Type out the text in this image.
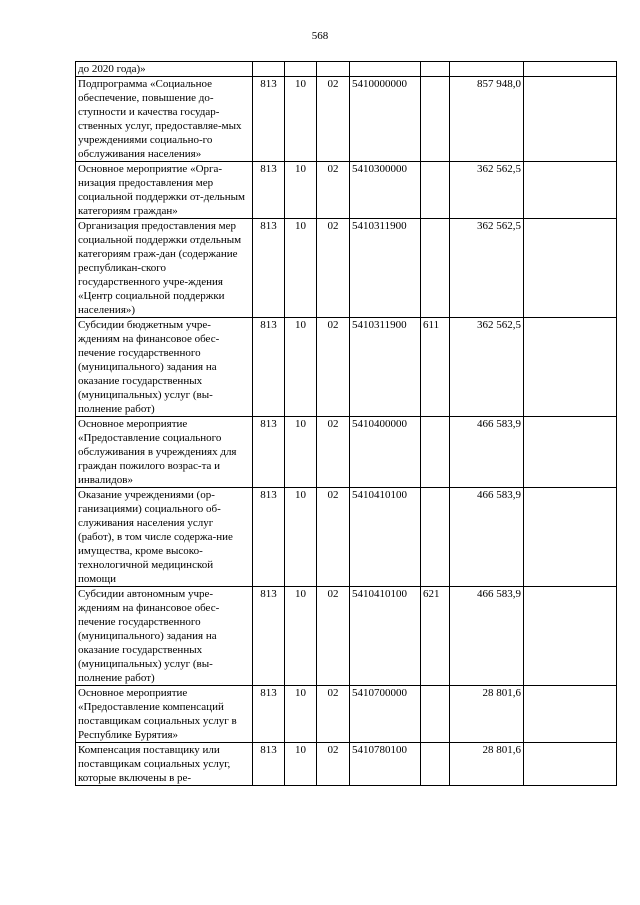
568
до 2020 года)»							
Подпрограмма «Социальное обеспечение, повышение до-ступности и качества государ-ственных услуг, предоставляе-мых учреждениями социально-го обслуживания населения»	813	10	02	5410000000		857 948,0	
Основное мероприятие «Орга-низация предоставления мер социальной поддержки от-дельным категориям граждан»	813	10	02	5410300000		362 562,5	
Организация предоставления мер социальной поддержки отдельным категориям граж-дан (содержание республикан-ского государственного учре-ждения «Центр социальной поддержки населения»)	813	10	02	5410311900		362 562,5	
Субсидии бюджетным учре-ждениям на финансовое обес-печение государственного (муниципального) задания на оказание государственных (муниципальных) услуг (вы-полнение работ)	813	10	02	5410311900	611	362 562,5	
Основное мероприятие «Предоставление социального обслуживания в учреждениях для граждан пожилого возрас-та и инвалидов»	813	10	02	5410400000		466 583,9	
Оказание учреждениями (ор-ганизациями) социального об-служивания населения услуг (работ), в том числе содержа-ние имущества, кроме высоко-технологичной медицинской помощи	813	10	02	5410410100		466 583,9	
Субсидии автономным учре-ждениям на финансовое обес-печение государственного (муниципального) задания на оказание государственных (муниципальных) услуг (вы-полнение работ)	813	10	02	5410410100	621	466 583,9	
Основное мероприятие «Предоставление компенсаций поставщикам социальных услуг в Республике Бурятия»	813	10	02	5410700000		28 801,6	
Компенсация поставщику или поставщикам социальных услуг, которые включены в ре-	813	10	02	5410780100		28 801,6	
